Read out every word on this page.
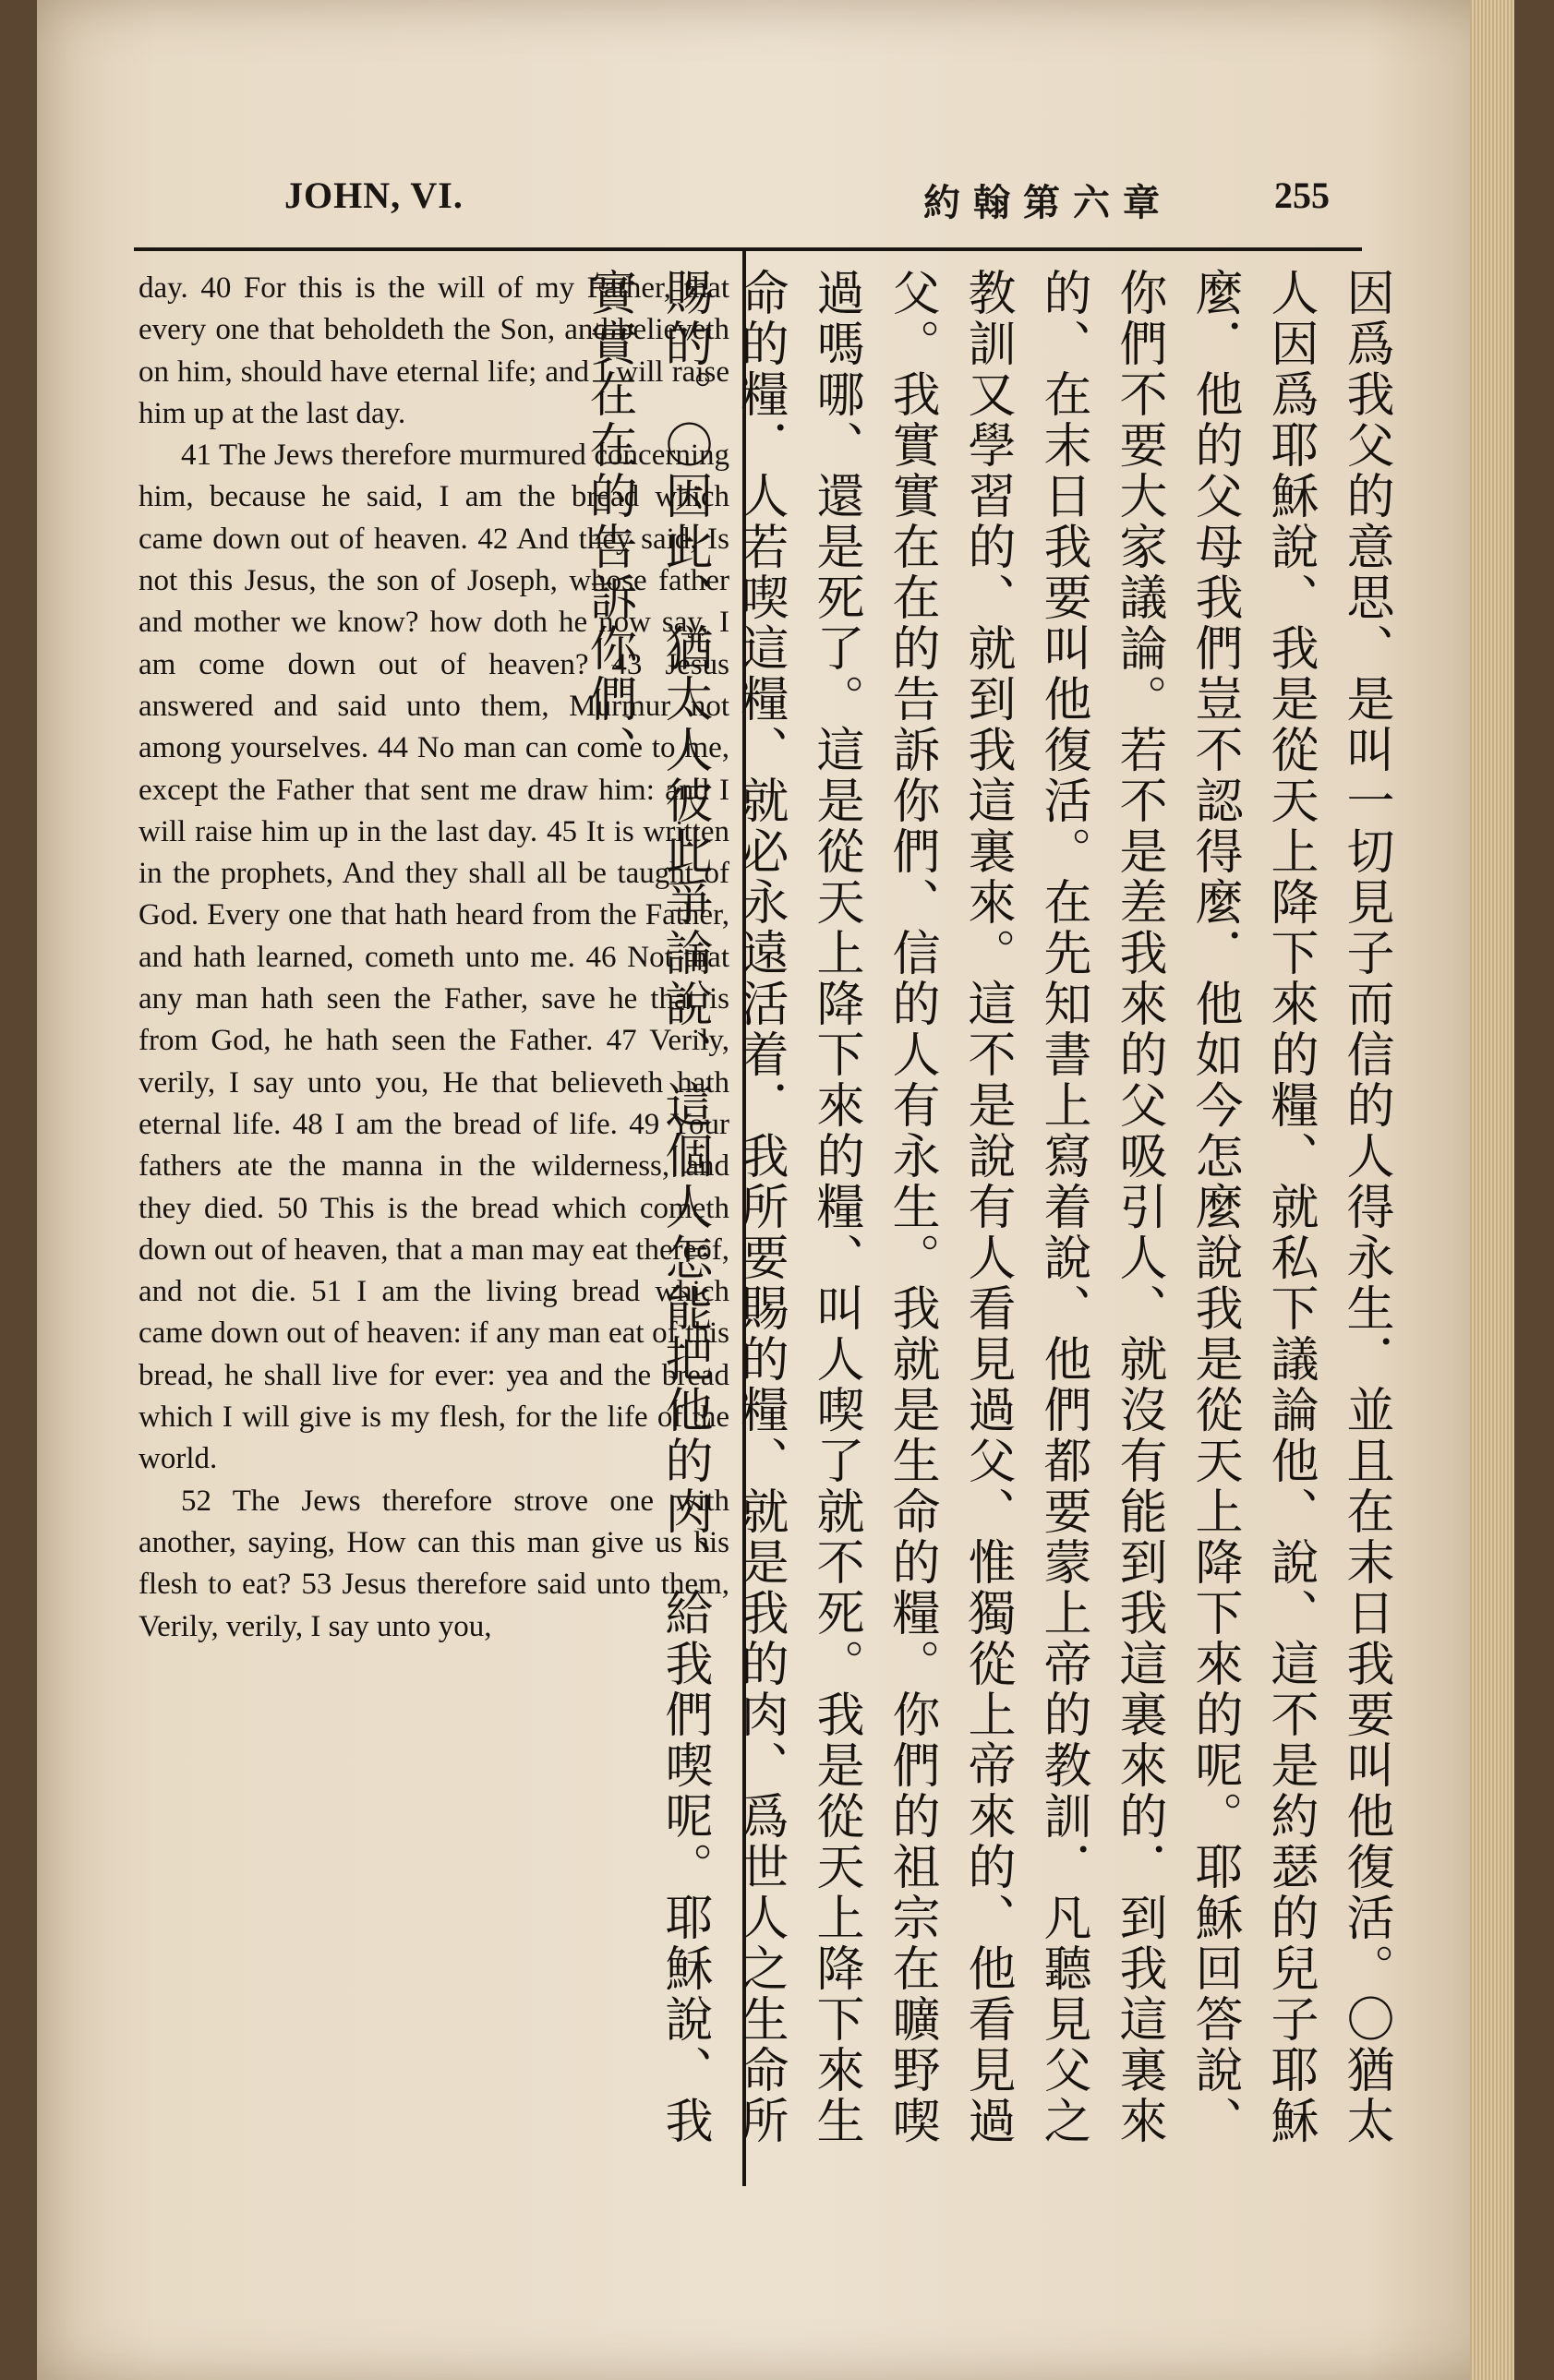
JOHN, VI.	約翰第六章	255

day. 40 For this is the will of my Father, that every one that beholdeth the Son, and believeth on him, should have eternal life; and I will raise him up at the last day.

41 The Jews therefore murmured concerning him, because he said, I am the bread which came down out of heaven. 42 And they said, Is not this Jesus, the son of Joseph, whose father and mother we know? how doth he now say, I am come down out of heaven? 43 Jesus answered and said unto them, Murmur not among yourselves. 44 No man can come to me, except the Father that sent me draw him: and I will raise him up in the last day. 45 It is written in the prophets, And they shall all be taught of God. Every one that hath heard from the Father, and hath learned, cometh unto me. 46 Not that any man hath seen the Father, save he that is from God, he hath seen the Father. 47 Verily, verily, I say unto you, He that believeth hath eternal life. 48 I am the bread of life. 49 Your fathers ate the manna in the wilderness, and they died. 50 This is the bread which cometh down out of heaven, that a man may eat thereof, and not die. 51 I am the living bread which came down out of heaven: if any man eat of this bread, he shall live for ever: yea and the bread which I will give is my flesh, for the life of the world.

52 The Jews therefore strove one with another, saying, How can this man give us his flesh to eat? 53 Jesus therefore said unto them, Verily, verily, I say unto you,	因爲我父的意思、是叫一切見子而信的人得永生．並且在末日我要叫他復活。〇猶太人因爲耶穌說、我是從天上降下來的糧、就私下議論他、說、這不是約瑟的兒子耶穌麼．他的父母我們豈不認得麼．他如今怎麼說我是從天上降下來的呢。耶穌回答說、你們不要大家議論。若不是差我來的父吸引人、就沒有能到我這裏來的．到我這裏來的、在末日我要叫他復活。在先知書上寫着說、他們都要蒙上帝的教訓．凡聽見父之教訓又學習的、就到我這裏來。這不是說有人看見過父、惟獨從上帝來的、他看見過父。我實實在在的告訴你們、信的人有永生。我就是生命的糧。你們的祖宗在曠野喫過嗎哪、還是死了。這是從天上降下來的糧、叫人喫了就不死。我是從天上降下來生命的糧．人若喫這糧、就必永遠活着．我所要賜的糧、就是我的肉、爲世人之生命所賜的。〇因此、猶太人彼此爭論說、這個人怎能把他的肉、給我們喫呢。耶穌說、我實實在在的告訴你們、
